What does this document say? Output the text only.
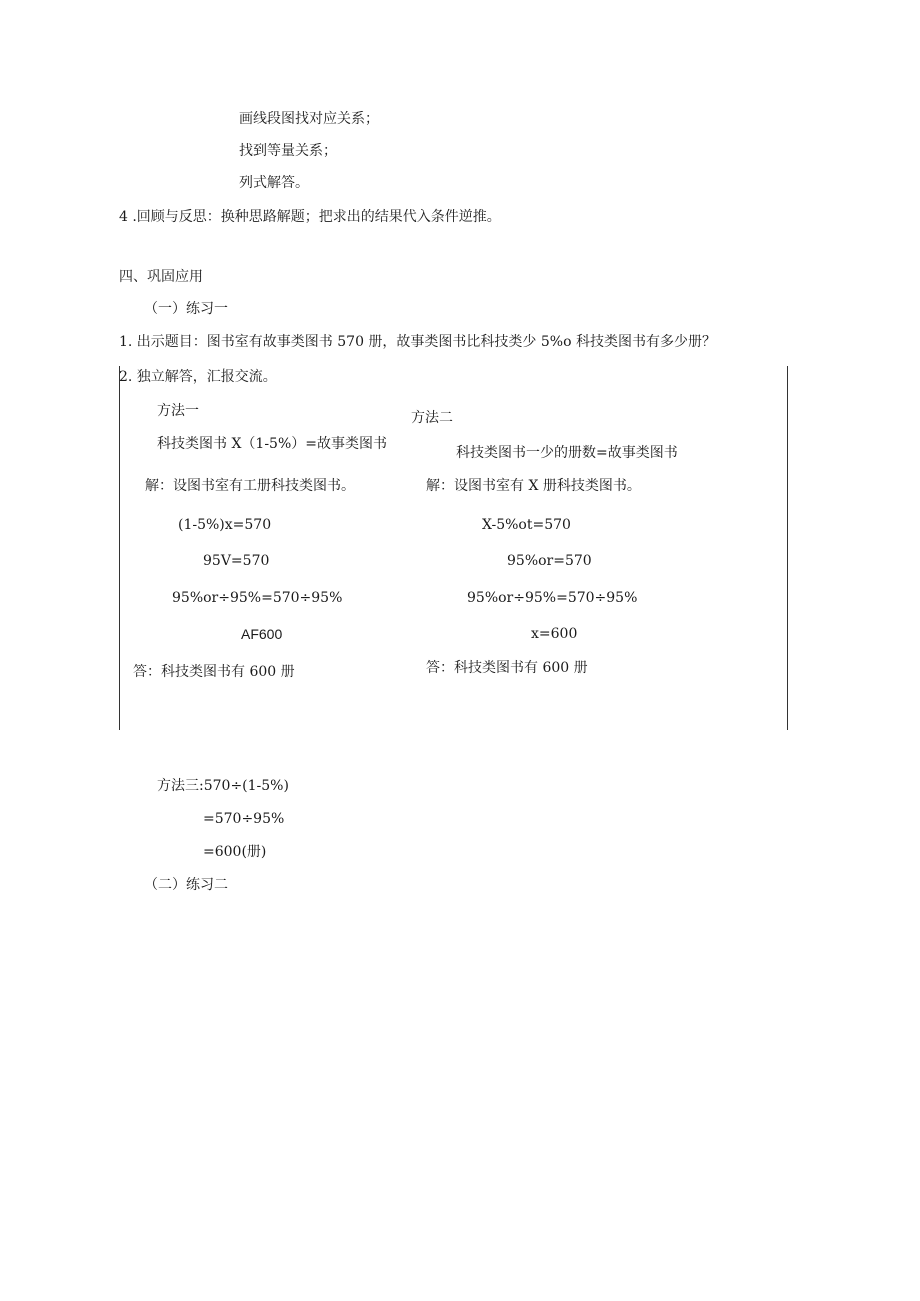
画线段图找对应关系；
找到等量关系；
列式解答。
4 .回顾与反思：换种思路解题；把求出的结果代入条件逆推。
四、巩固应用
（一）练习一
1. 出示题目：图书室有故事类图书 570 册，故事类图书比科技类少 5%o 科技类图书有多少册？
2. 独立解答，汇报交流。
方法一
科技类图书 X（1-5%）=故事类图书
解：设图书室有工册科技类图书。
(1-5%)x=570
95V=570
95%or÷95%=570÷95%
AF600
答：科技类图书有 600 册
方法二
科技类图书一少的册数=故事类图书
解：设图书室有 X 册科技类图书。
X-5%ot=570
95%or=570
95%or÷95%=570÷95%
x=600
答：科技类图书有 600 册
方法三:570÷(1-5%)
=570÷95%
=600(册)
（二）练习二
